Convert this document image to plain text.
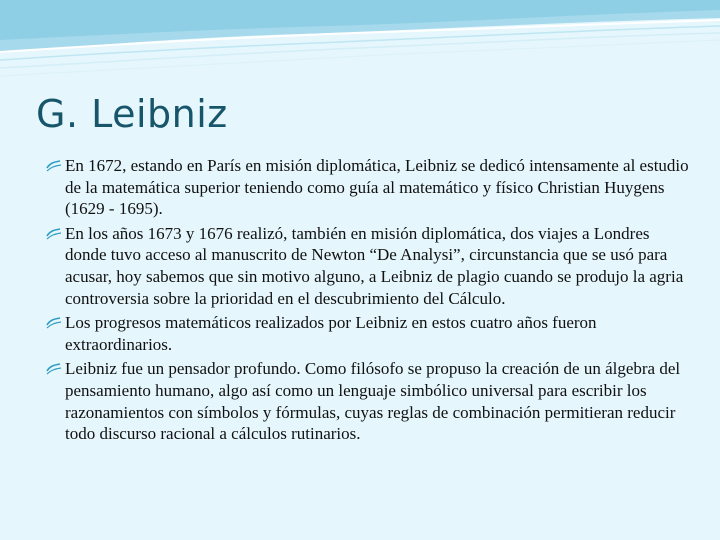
G. Leibniz
En 1672, estando en París en misión diplomática, Leibniz se dedicó intensamente al estudio de la matemática superior teniendo como guía al matemático y físico Christian Huygens (1629 - 1695).
En los años 1673 y 1676 realizó, también en misión diplomática, dos viajes a Londres donde tuvo acceso al manuscrito de Newton “De Analysi”, circunstancia que se usó para acusar, hoy sabemos que sin motivo alguno, a Leibniz de plagio cuando se produjo la agria controversia sobre la prioridad en el descubrimiento del Cálculo.
Los progresos matemáticos realizados por Leibniz en estos cuatro años fueron extraordinarios.
Leibniz fue un pensador profundo. Como filósofo se propuso la creación de un álgebra del pensamiento humano, algo así como un lenguaje simbólico universal para escribir los razonamientos con símbolos y fórmulas, cuyas reglas de combinación permitieran reducir todo discurso racional a cálculos rutinarios.
